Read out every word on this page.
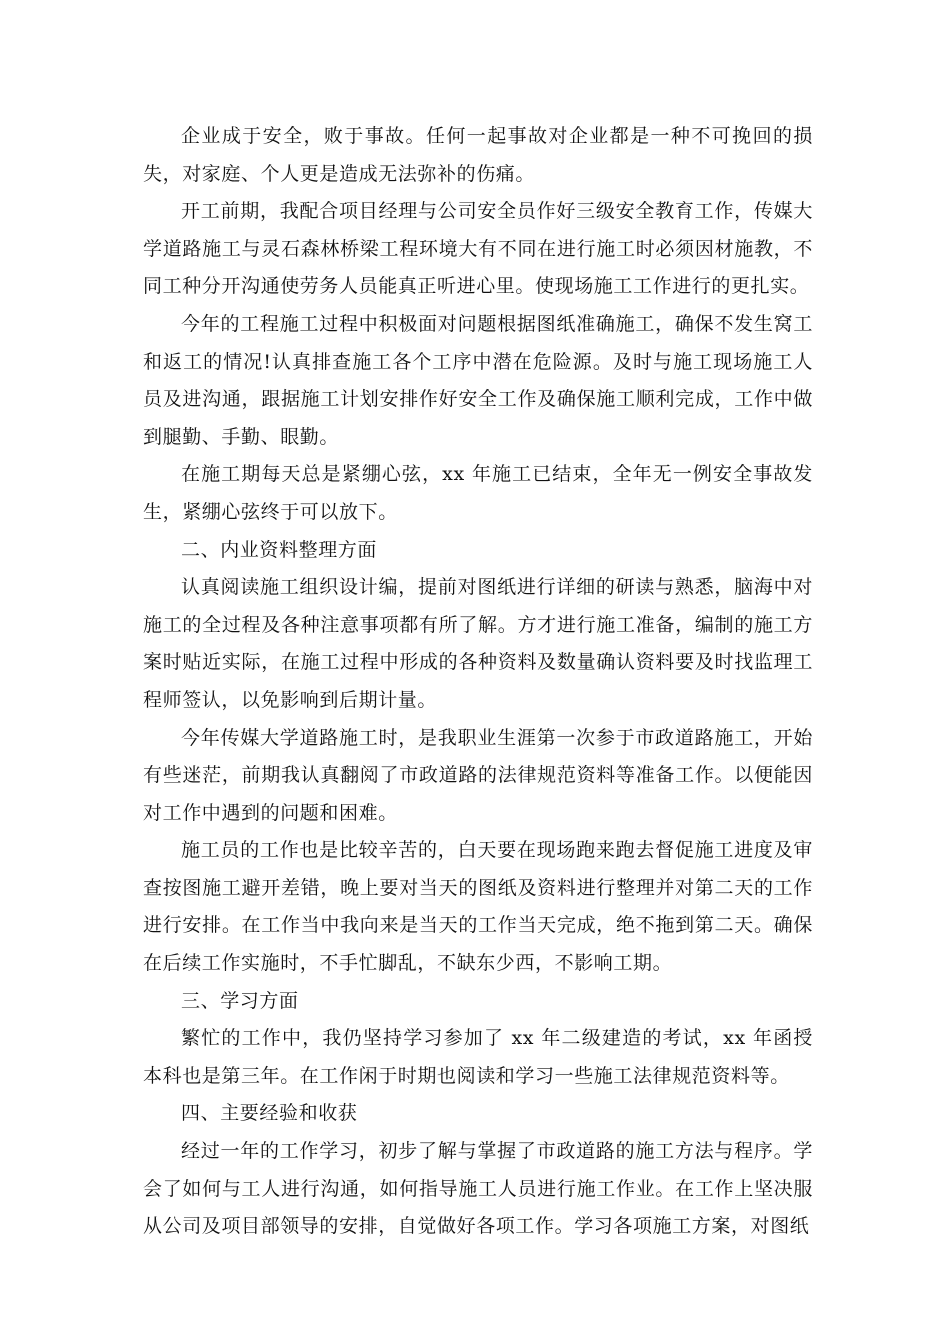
企业成于安全，败于事故。任何一起事故对企业都是一种不可挽回的损失，对家庭、个人更是造成无法弥补的伤痛。

开工前期，我配合项目经理与公司安全员作好三级安全教育工作，传媒大学道路施工与灵石森林桥梁工程环境大有不同在进行施工时必须因材施教，不同工种分开沟通使劳务人员能真正听进心里。使现场施工工作进行的更扎实。

今年的工程施工过程中积极面对问题根据图纸准确施工，确保不发生窝工和返工的情况!认真排查施工各个工序中潜在危险源。及时与施工现场施工人员及进沟通，跟据施工计划安排作好安全工作及确保施工顺利完成，工作中做到腿勤、手勤、眼勤。

在施工期每天总是紧绷心弦，xx 年施工已结束，全年无一例安全事故发生，紧绷心弦终于可以放下。

二、内业资料整理方面

认真阅读施工组织设计编，提前对图纸进行详细的研读与熟悉，脑海中对施工的全过程及各种注意事项都有所了解。方才进行施工准备，编制的施工方案时贴近实际，在施工过程中形成的各种资料及数量确认资料要及时找监理工程师签认，以免影响到后期计量。

今年传媒大学道路施工时，是我职业生涯第一次参于市政道路施工，开始有些迷茫，前期我认真翻阅了市政道路的法律规范资料等准备工作。以便能因对工作中遇到的问题和困难。

施工员的工作也是比较辛苦的，白天要在现场跑来跑去督促施工进度及审查按图施工避开差错，晚上要对当天的图纸及资料进行整理并对第二天的工作进行安排。在工作当中我向来是当天的工作当天完成，绝不拖到第二天。确保在后续工作实施时，不手忙脚乱，不缺东少西，不影响工期。

三、学习方面

繁忙的工作中，我仍坚持学习参加了 xx 年二级建造的考试，xx 年函授本科也是第三年。在工作闲于时期也阅读和学习一些施工法律规范资料等。

四、主要经验和收获

经过一年的工作学习，初步了解与掌握了市政道路的施工方法与程序。学会了如何与工人进行沟通，如何指导施工人员进行施工作业。在工作上坚决服从公司及项目部领导的安排，自觉做好各项工作。学习各项施工方案，对图纸
